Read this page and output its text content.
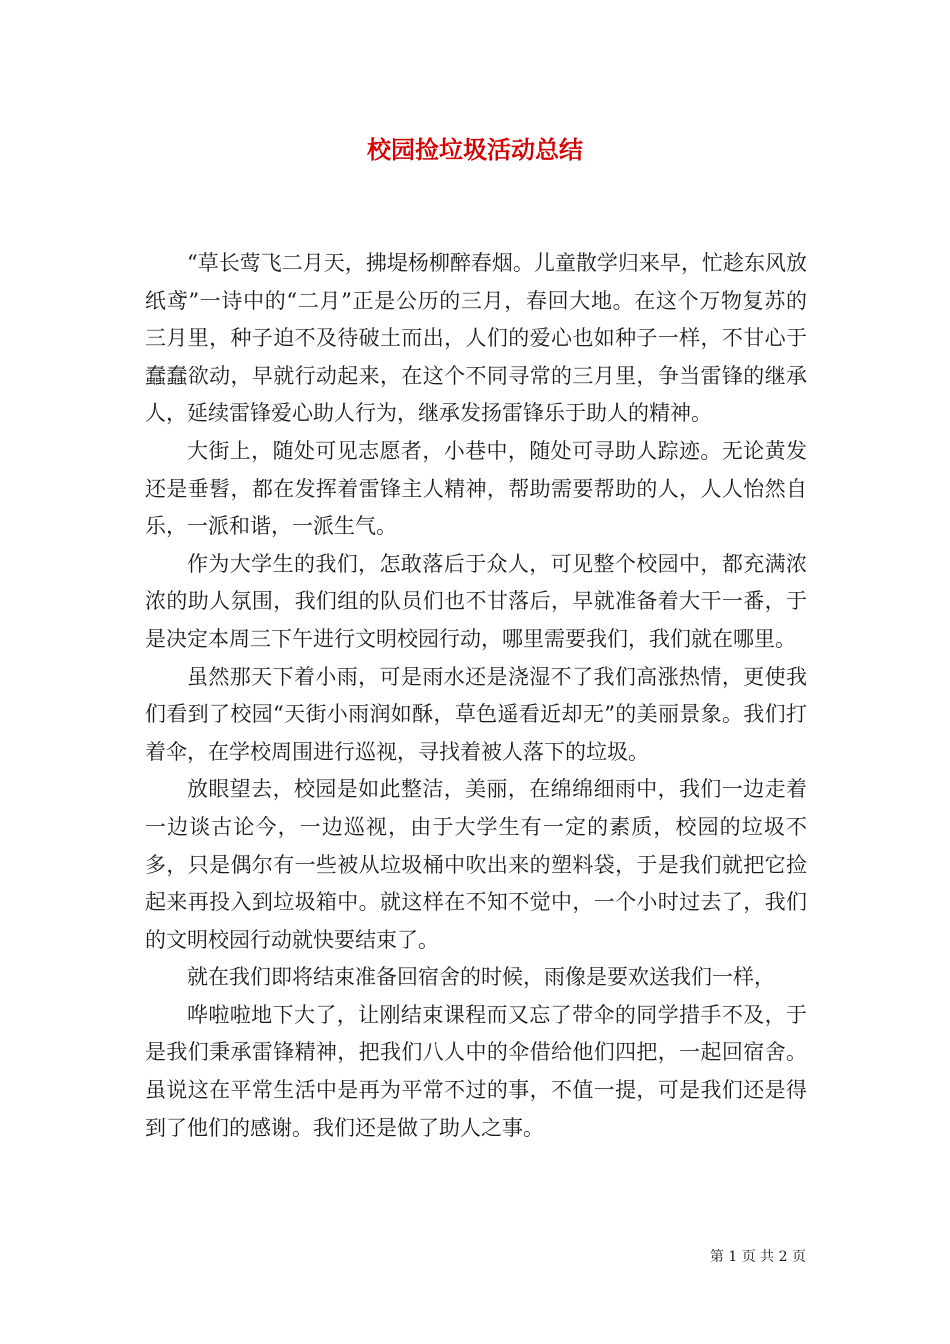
校园捡垃圾活动总结

“草长莺飞二月天，拂堤杨柳醉春烟。儿童散学归来早，忙趁东风放纸鸢”一诗中的“二月”正是公历的三月，春回大地。在这个万物复苏的三月里，种子迫不及待破土而出，人们的爱心也如种子一样，不甘心于蠢蠢欲动，早就行动起来，在这个不同寻常的三月里，争当雷锋的继承人，延续雷锋爱心助人行为，继承发扬雷锋乐于助人的精神。

大街上，随处可见志愿者，小巷中，随处可寻助人踪迹。无论黄发还是垂髫，都在发挥着雷锋主人精神，帮助需要帮助的人，人人怡然自乐，一派和谐，一派生气。

作为大学生的我们，怎敢落后于众人，可见整个校园中，都充满浓浓的助人氛围，我们组的队员们也不甘落后，早就准备着大干一番，于是决定本周三下午进行文明校园行动，哪里需要我们，我们就在哪里。

虽然那天下着小雨，可是雨水还是浇湿不了我们高涨热情，更使我们看到了校园“天街小雨润如酥，草色遥看近却无”的美丽景象。我们打着伞，在学校周围进行巡视，寻找着被人落下的垃圾。

放眼望去，校园是如此整洁，美丽，在绵绵细雨中，我们一边走着一边谈古论今，一边巡视，由于大学生有一定的素质，校园的垃圾不多，只是偶尔有一些被从垃圾桶中吹出来的塑料袋，于是我们就把它捡起来再投入到垃圾箱中。就这样在不知不觉中，一个小时过去了，我们的文明校园行动就快要结束了。

就在我们即将结束准备回宿舍的时候，雨像是要欢送我们一样，

哗啦啦地下大了，让刚结束课程而又忘了带伞的同学措手不及，于是我们秉承雷锋精神，把我们八人中的伞借给他们四把，一起回宿舍。虽说这在平常生活中是再为平常不过的事，不值一提，可是我们还是得到了他们的感谢。我们还是做了助人之事。

第 1 页 共 2 页
